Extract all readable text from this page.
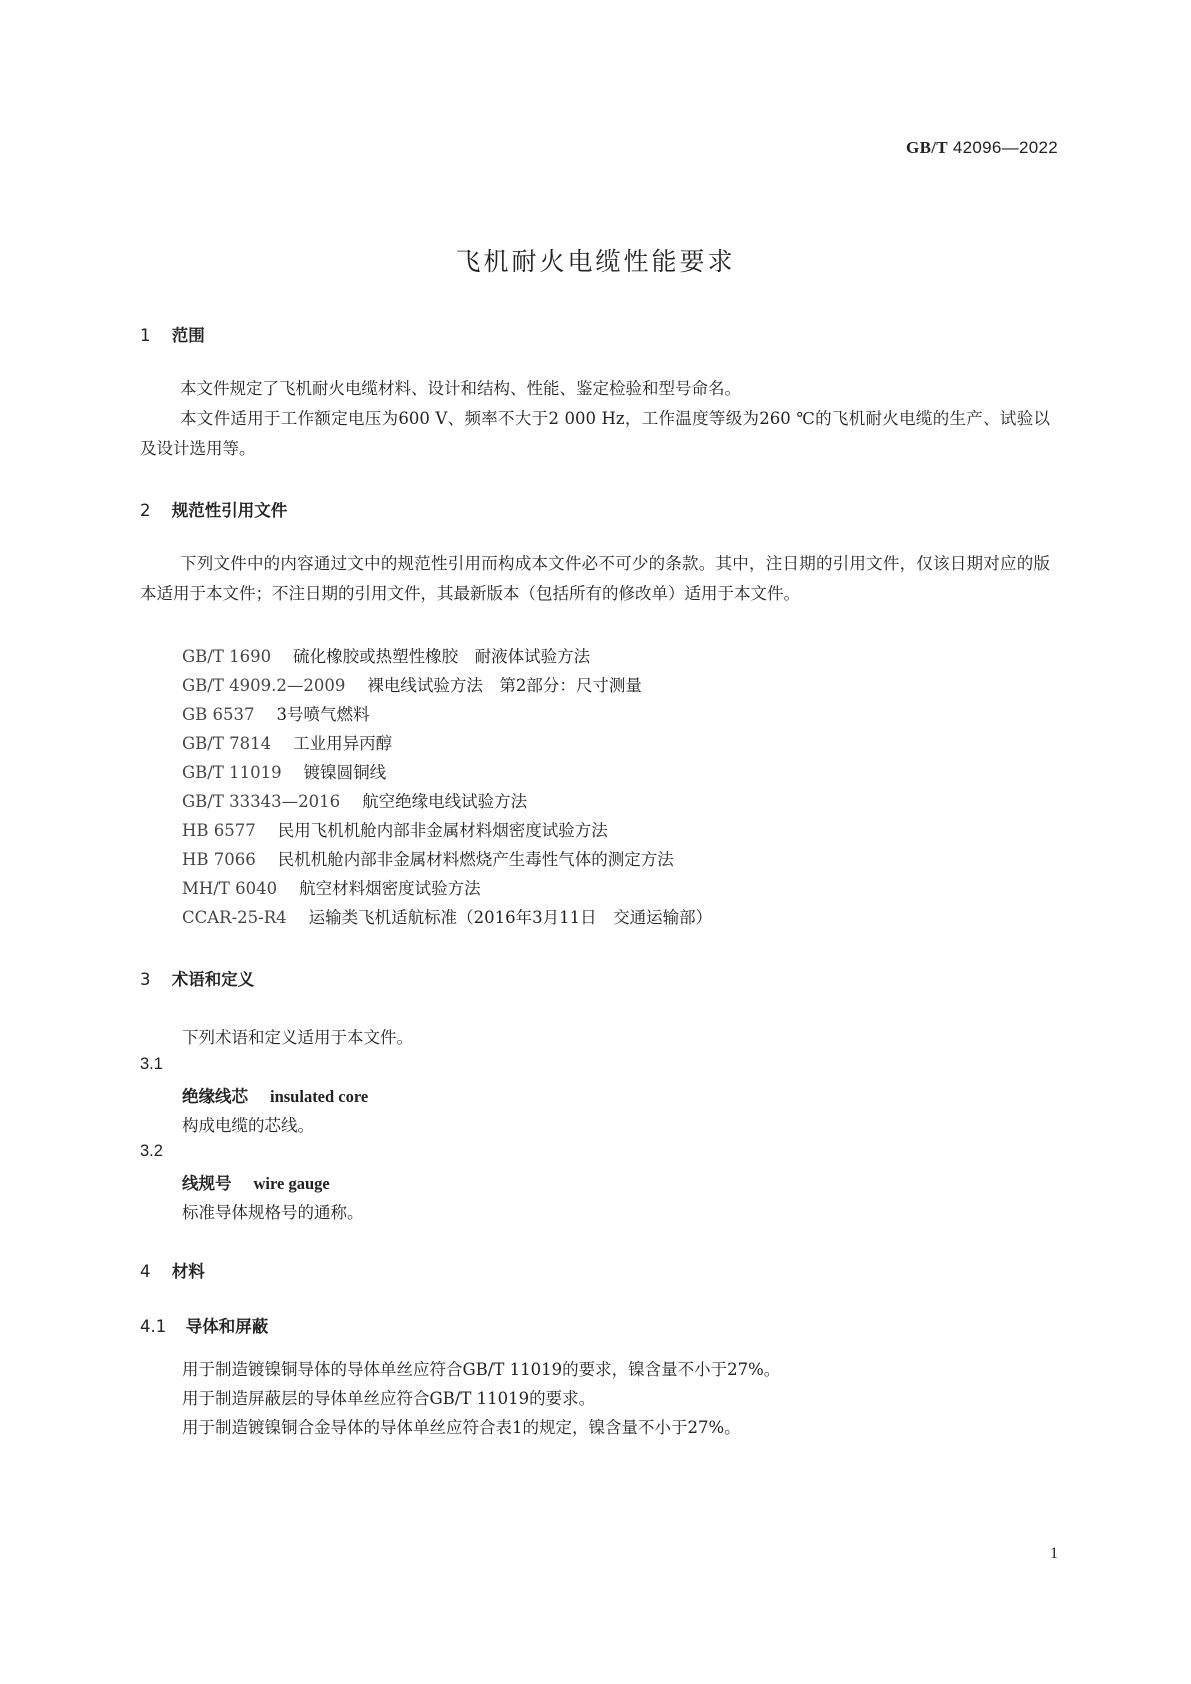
GB/T 42096—2022
飞机耐火电缆性能要求
1 范围

本文件规定了飞机耐火电缆材料、设计和结构、性能、鉴定检验和型号命名。

本文件适用于工作额定电压为600 V、频率不大于2 000 Hz，工作温度等级为260 ℃的飞机耐火电缆的生产、试验以及设计选用等。

2 规范性引用文件

下列文件中的内容通过文中的规范性引用而构成本文件必不可少的条款。其中，注日期的引用文件，仅该日期对应的版本适用于本文件；不注日期的引用文件，其最新版本（包括所有的修改单）适用于本文件。

GB/T 1690 硫化橡胶或热塑性橡胶　耐液体试验方法
GB/T 4909.2—2009 裸电线试验方法　第2部分：尺寸测量
GB 6537 3号喷气燃料
GB/T 7814 工业用异丙醇
GB/T 11019 镀镍圆铜线
GB/T 33343—2016 航空绝缘电线试验方法
HB 6577 民用飞机机舱内部非金属材料烟密度试验方法
HB 7066 民机机舱内部非金属材料燃烧产生毒性气体的测定方法
MH/T 6040 航空材料烟密度试验方法
CCAR-25-R4 运输类飞机适航标准（2016年3月11日　交通运输部）
3 术语和定义
下列术语和定义适用于本文件。
3.1
绝缘线芯 insulated core
构成电缆的芯线。
3.2
线规号 wire gauge
标准导体规格号的通称。
4 材料
4.1 导体和屏蔽
用于制造镀镍铜导体的导体单丝应符合GB/T 11019的要求，镍含量不小于27%。
用于制造屏蔽层的导体单丝应符合GB/T 11019的要求。
用于制造镀镍铜合金导体的导体单丝应符合表1的规定，镍含量不小于27%。
1
